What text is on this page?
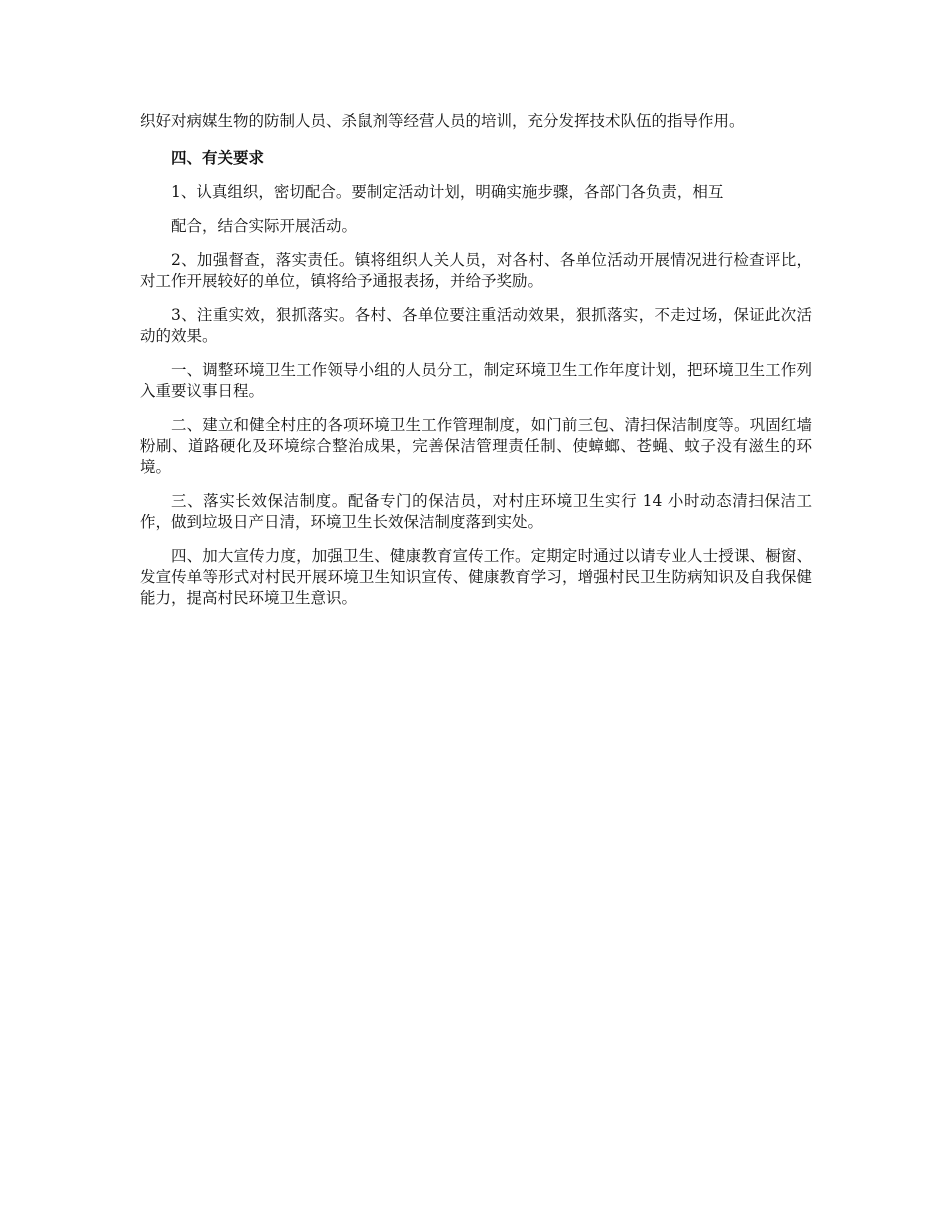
织好对病媒生物的防制人员、杀鼠剂等经营人员的培训，充分发挥技术队伍的指导作用。

四、有关要求

1、认真组织，密切配合。要制定活动计划，明确实施步骤，各部门各负责，相互

配合，结合实际开展活动。

2、加强督查，落实责任。镇将组织人关人员，对各村、各单位活动开展情况进行检查评比，对工作开展较好的单位，镇将给予通报表扬，并给予奖励。

3、注重实效，狠抓落实。各村、各单位要注重活动效果，狠抓落实，不走过场，保证此次活动的效果。

一、调整环境卫生工作领导小组的人员分工，制定环境卫生工作年度计划，把环境卫生工作列入重要议事日程。

二、建立和健全村庄的各项环境卫生工作管理制度，如门前三包、清扫保洁制度等。巩固红墙粉刷、道路硬化及环境综合整治成果，完善保洁管理责任制、使蟑螂、苍蝇、蚊子没有滋生的环境。

三、落实长效保洁制度。配备专门的保洁员，对村庄环境卫生实行 14 小时动态清扫保洁工作，做到垃圾日产日清，环境卫生长效保洁制度落到实处。

四、加大宣传力度，加强卫生、健康教育宣传工作。定期定时通过以请专业人士授课、橱窗、发宣传单等形式对村民开展环境卫生知识宣传、健康教育学习，增强村民卫生防病知识及自我保健能力，提高村民环境卫生意识。
